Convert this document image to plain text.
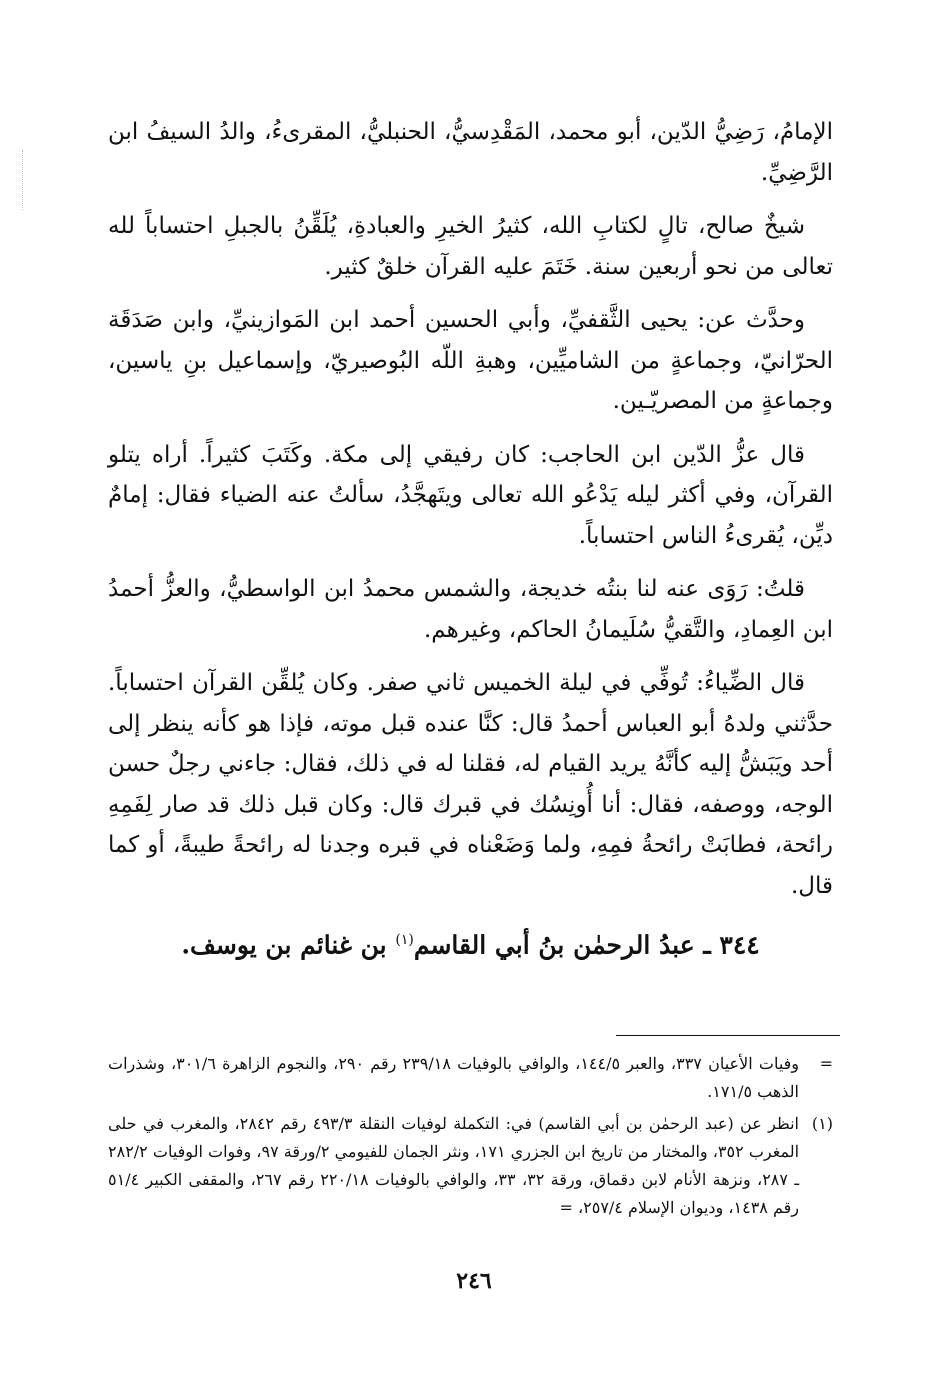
الإمامُ، رَضِيُّ الدّين، أبو محمد، المَقْدِسيُّ، الحنبليُّ، المقرىءُ، والدُ السيفُ ابن الرَّضِيِّ.

شيخٌ صالح، تالٍ لكتابِ الله، كثيرُ الخيرِ والعبادةِ، يُلَقِّنُ بالجبلِ احتساباً لله تعالى من نحو أربعين سنة. خَتَمَ عليه القرآن خلقٌ كثير.

وحدَّث عن: يحيى الثَّقفيِّ، وأبي الحسين أحمد ابن المَوازينيِّ، وابن صَدَقَة الحرّانيّ، وجماعةٍ من الشاميِّين، وهبةِ اللّه البُوصيريّ، وإسماعيل بنِ ياسين، وجماعةٍ من المصريّـين.

قال عزُّ الدّين ابن الحاجب: كان رفيقي إلى مكة. وكَتَبَ كثيراً. أراه يتلو القرآن، وفي أكثر ليله يَدْعُو الله تعالى ويتَهجَّدُ، سألتُ عنه الضياء فقال: إمامٌ ديِّن، يُقرىءُ الناس احتساباً.

قلتُ: رَوَى عنه لنا بنتُه خديجة، والشمس محمدُ ابن الواسطيُّ، والعزُّ أحمدُ ابن العِمادِ، والتَّقيُّ سُلَيمانُ الحاكم، وغيرهم.

قال الضِّياءُ: تُوفِّي في ليلة الخميس ثاني صفر. وكان يُلقِّن القرآن احتساباً. حدَّثني ولدهُ أبو العباس أحمدُ قال: كنَّا عنده قبل موته، فإذا هو كأنه ينظر إلى أحد ويَبَشُّ إليه كأنَّهُ يريد القيام له، فقلنا له في ذلك، فقال: جاءني رجلٌ حسن الوجه، ووصفه، فقال: أنا أُونِسُك في قبرك قال: وكان قبل ذلك قد صار لِفَمِهِ رائحة، فطابَتْ رائحةُ فمِهِ، ولما وَضَعْناه في قبره وجدنا له رائحةً طيبةً، أو كما قال.

٣٤٤ ـ عبدُ الرحمٰن بنُ أبي القاسم$^{(١)}$ بن غنائم بن يوسف.
=
وفيات الأعيان ٣٣٧، والعبر ١٤٤/٥، والوافي بالوفيات ٢٣٩/١٨ رقم ٢٩٠، والنجوم الزاهرة ٣٠١/٦، وشذرات الذهب ١٧١/٥.
(١)
انظر عن (عبد الرحمٰن بن أبي القاسم) في: التكملة لوفيات النقلة ٤٩٣/٣ رقم ٢٨٤٢، والمغرب في حلى المغرب ٣٥٢، والمختار من تاريخ ابن الجزري ١٧١، ونثر الجمان للفيومي ٢/ورقة ٩٧، وفوات الوفيات ٢٨٢/٢ ـ ٢٨٧، ونزهة الأنام لابن دقماق، ورقة ٣٢، ٣٣، والوافي بالوفيات ٢٢٠/١٨ رقم ٢٦٧، والمقفى الكبير ٥١/٤ رقم ١٤٣٨، وديوان الإسلام ٢٥٧/٤، =
٢٤٦
